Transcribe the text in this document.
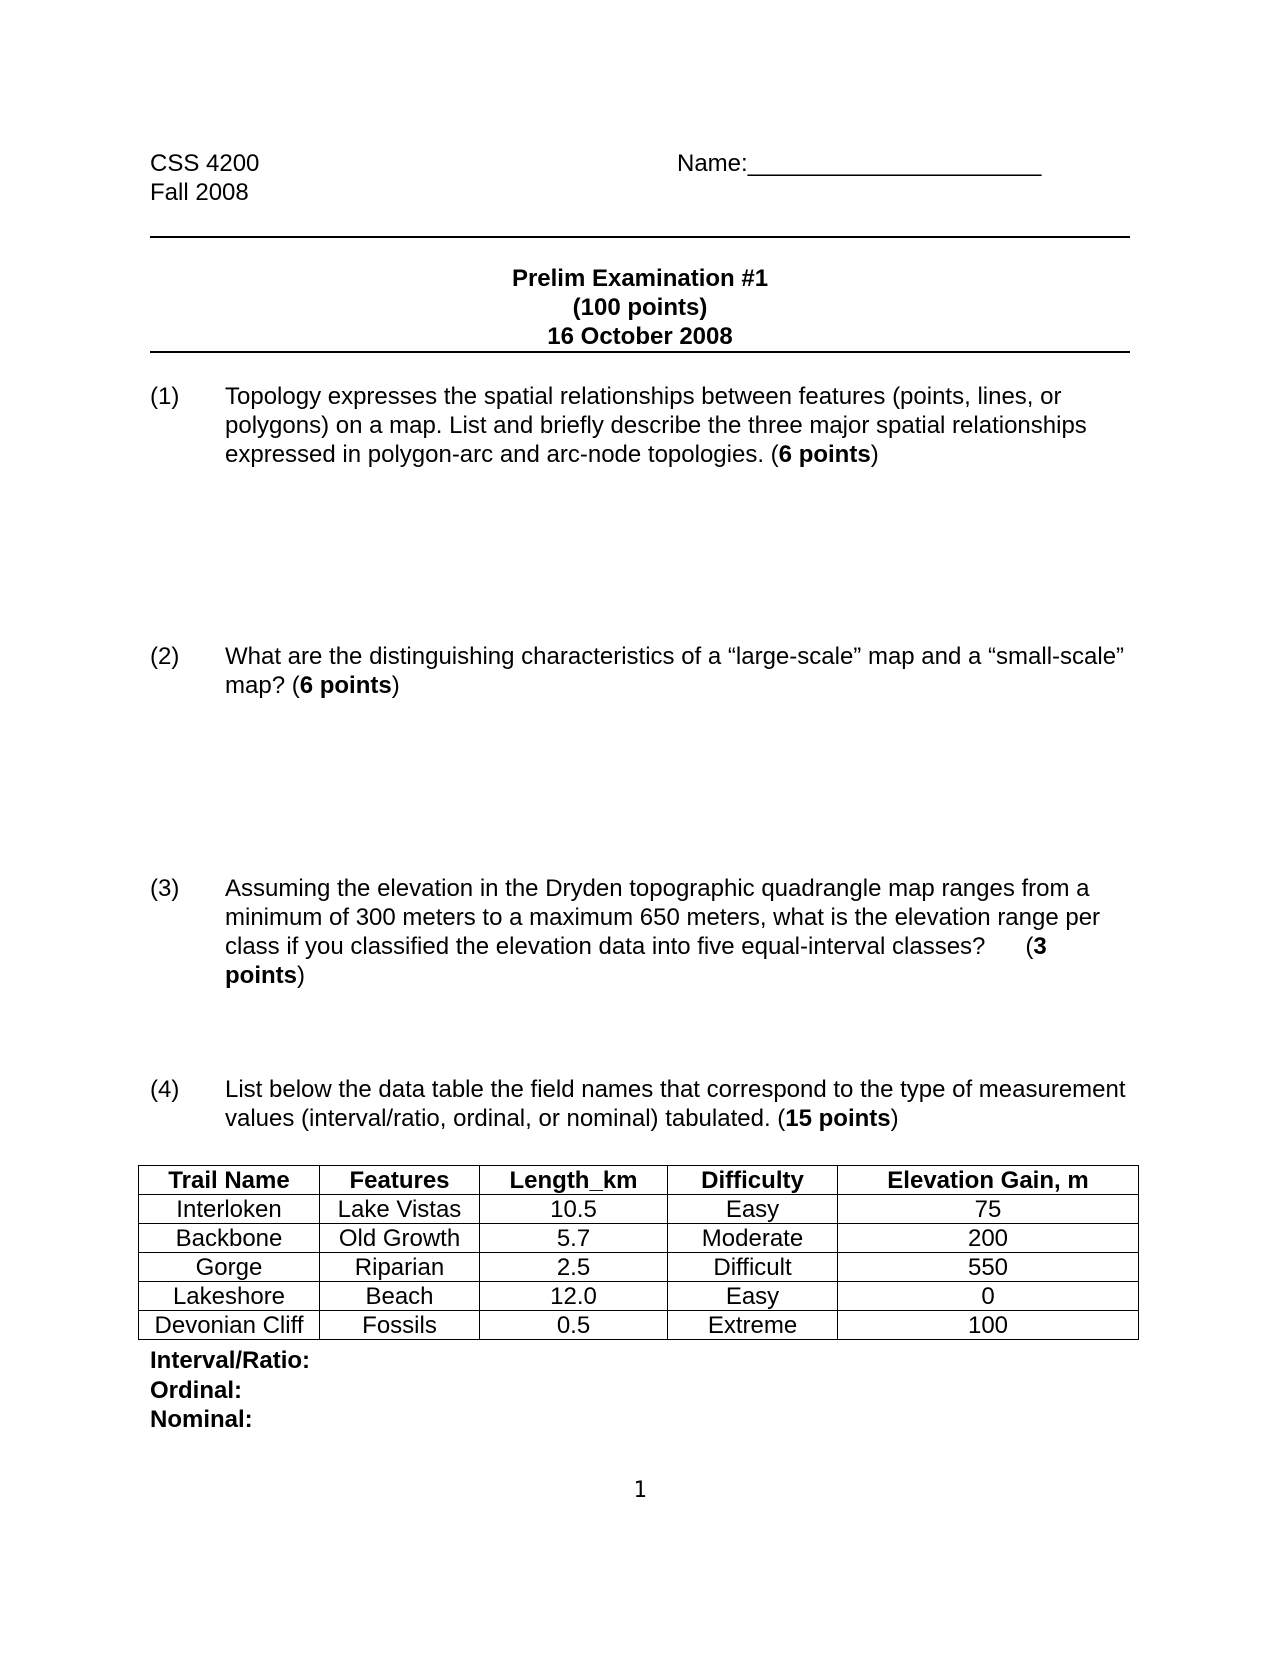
CSS 4200
Fall 2008
Name:______________________
Prelim Examination #1
(100 points)
16 October 2008
(1) Topology expresses the spatial relationships between features (points, lines, or polygons) on a map. List and briefly describe the three major spatial relationships expressed in polygon-arc and arc-node topologies. (6 points)
(2) What are the distinguishing characteristics of a “large-scale” map and a “small-scale” map? (6 points)
(3) Assuming the elevation in the Dryden topographic quadrangle map ranges from a minimum of 300 meters to a maximum 650 meters, what is the elevation range per class if you classified the elevation data into five equal-interval classes?      (3 points)
(4) List below the data table the field names that correspond to the type of measurement values (interval/ratio, ordinal, or nominal) tabulated. (15 points)
Trail Name	Features	Length_km	Difficulty	Elevation Gain, m
Interloken	Lake Vistas	10.5	Easy	75
Backbone	Old Growth	5.7	Moderate	200
Gorge	Riparian	2.5	Difficult	550
Lakeshore	Beach	12.0	Easy	0
Devonian Cliff	Fossils	0.5	Extreme	100
Interval/Ratio:
Ordinal:
Nominal:
1
